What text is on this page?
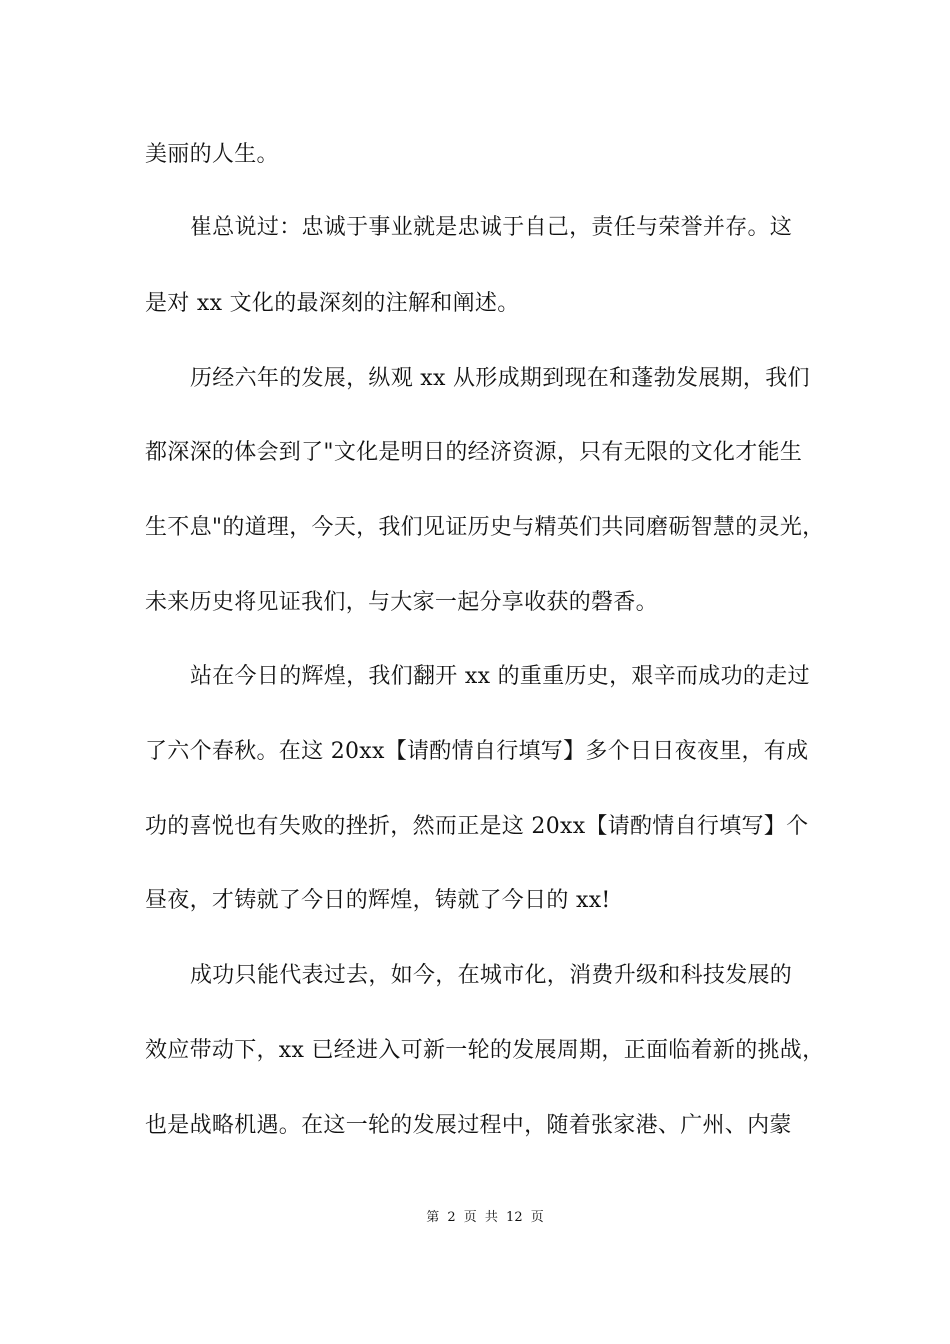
美丽的人生。
崔总说过：忠诚于事业就是忠诚于自己，责任与荣誉并存。这
是对 xx 文化的最深刻的注解和阐述。
历经六年的发展，纵观 xx 从形成期到现在和蓬勃发展期，我们
都深深的体会到了"文化是明日的经济资源，只有无限的文化才能生
生不息"的道理，今天，我们见证历史与精英们共同磨砺智慧的灵光，
未来历史将见证我们，与大家一起分享收获的磬香。
站在今日的辉煌，我们翻开 xx 的重重历史，艰辛而成功的走过
了六个春秋。在这 20xx【请酌情自行填写】多个日日夜夜里，有成
功的喜悦也有失败的挫折，然而正是这 20xx【请酌情自行填写】个
昼夜，才铸就了今日的辉煌，铸就了今日的 xx!
成功只能代表过去，如今，在城市化，消费升级和科技发展的
效应带动下，xx 已经进入可新一轮的发展周期，正面临着新的挑战，
也是战略机遇。在这一轮的发展过程中，随着张家港、广州、内蒙
第 2 页 共 12 页
